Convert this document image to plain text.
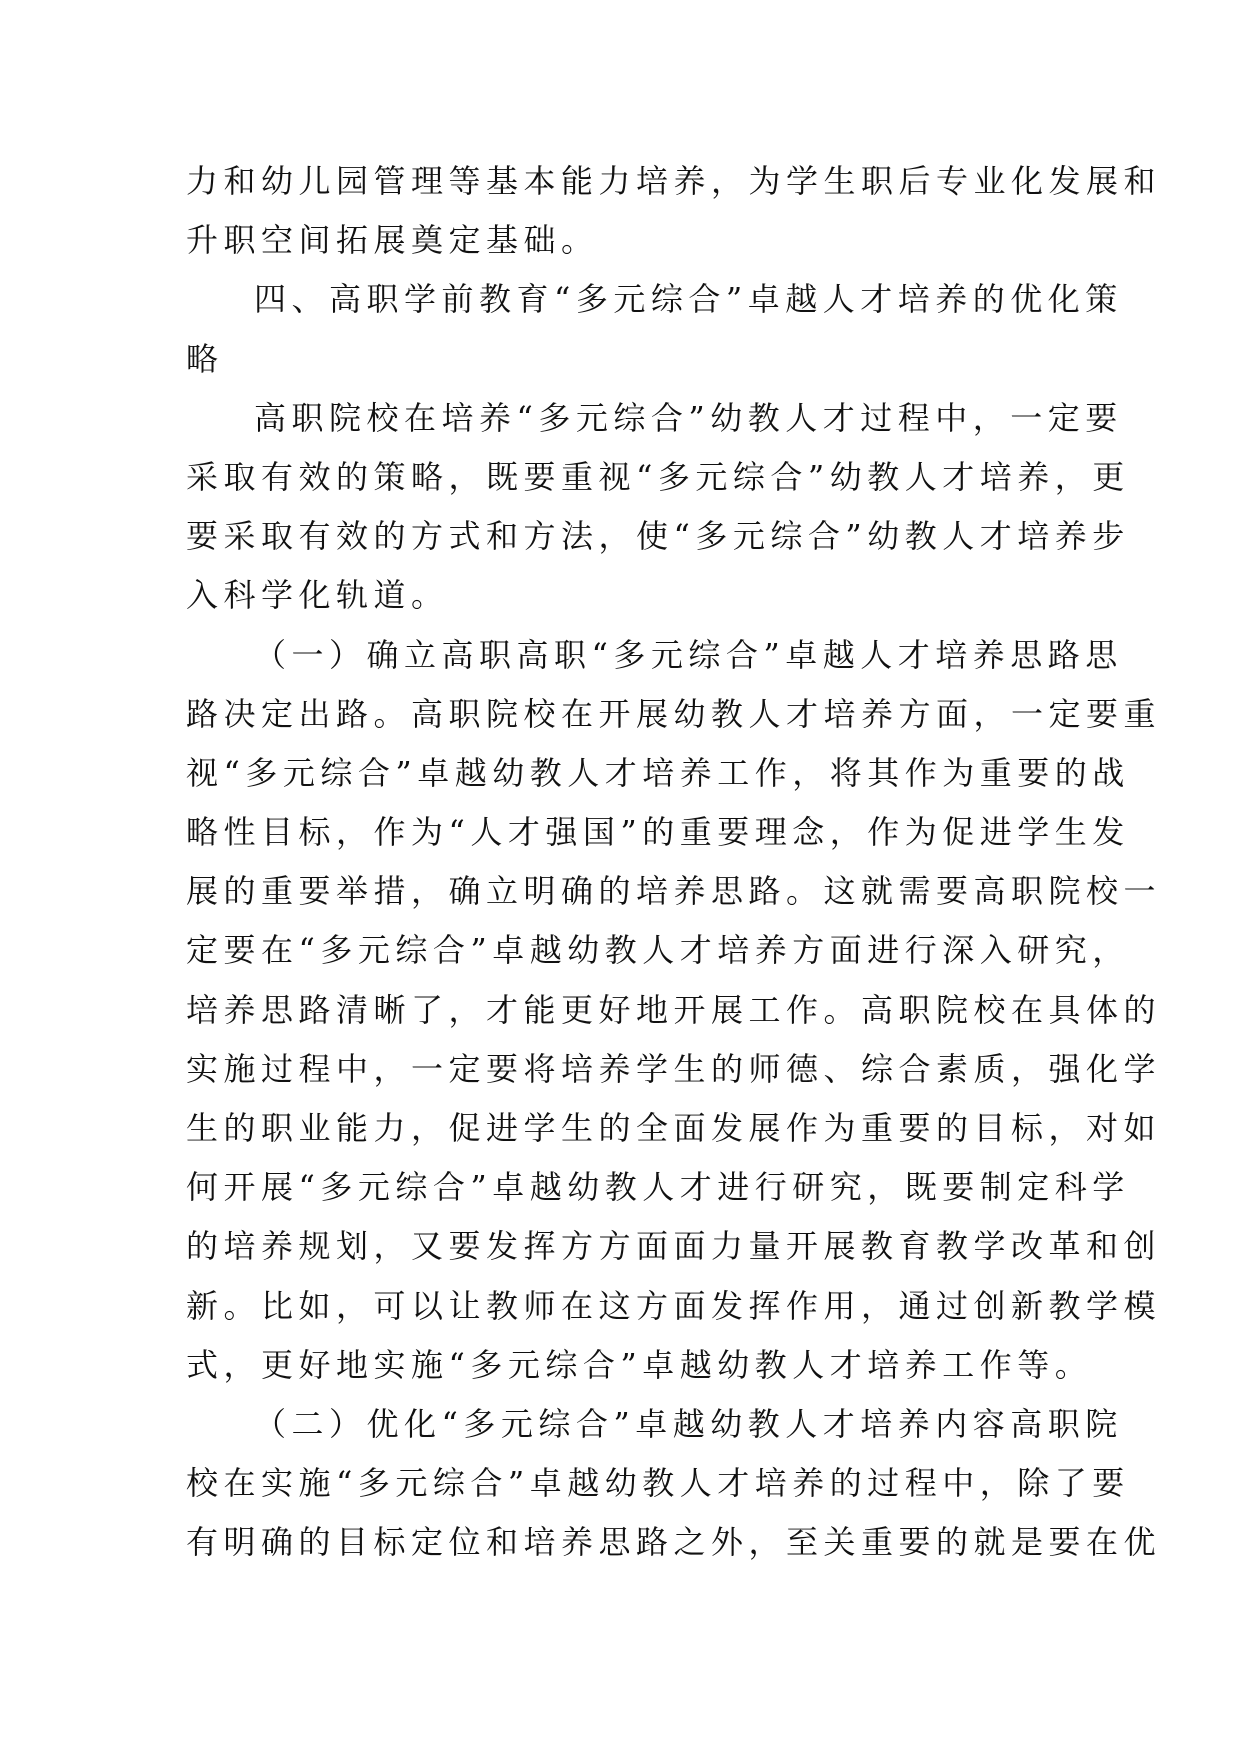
力和幼儿园管理等基本能力培养，为学生职后专业化发展和
升职空间拓展奠定基础。
四、高职学前教育“多元综合”卓越人才培养的优化策
略
高职院校在培养“多元综合”幼教人才过程中，一定要
采取有效的策略，既要重视“多元综合”幼教人才培养，更
要采取有效的方式和方法，使“多元综合”幼教人才培养步
入科学化轨道。
（一）确立高职高职“多元综合”卓越人才培养思路思
路决定出路。高职院校在开展幼教人才培养方面，一定要重
视“多元综合”卓越幼教人才培养工作，将其作为重要的战
略性目标，作为“人才强国”的重要理念，作为促进学生发
展的重要举措，确立明确的培养思路。这就需要高职院校一
定要在“多元综合”卓越幼教人才培养方面进行深入研究，
培养思路清晰了，才能更好地开展工作。高职院校在具体的
实施过程中，一定要将培养学生的师德、综合素质，强化学
生的职业能力，促进学生的全面发展作为重要的目标，对如
何开展“多元综合”卓越幼教人才进行研究，既要制定科学
的培养规划，又要发挥方方面面力量开展教育教学改革和创
新。比如，可以让教师在这方面发挥作用，通过创新教学模
式，更好地实施“多元综合”卓越幼教人才培养工作等。
（二）优化“多元综合”卓越幼教人才培养内容高职院
校在实施“多元综合”卓越幼教人才培养的过程中，除了要
有明确的目标定位和培养思路之外，至关重要的就是要在优
